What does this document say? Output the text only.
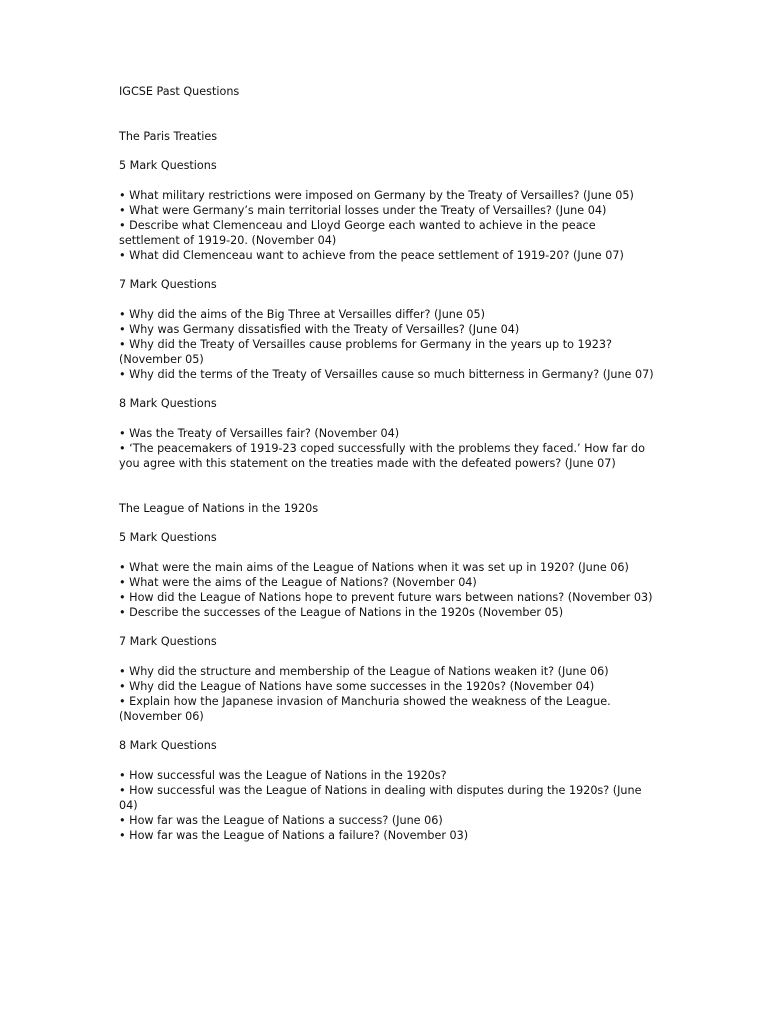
IGCSE Past Questions

The Paris Treaties

5 Mark Questions

• What military restrictions were imposed on Germany by the Treaty of Versailles? (June 05)
• What were Germany’s main territorial losses under the Treaty of Versailles? (June 04)
• Describe what Clemenceau and Lloyd George each wanted to achieve in the peace settlement of 1919-20. (November 04)
• What did Clemenceau want to achieve from the peace settlement of 1919-20? (June 07)

7 Mark Questions

• Why did the aims of the Big Three at Versailles differ? (June 05)
• Why was Germany dissatisfied with the Treaty of Versailles? (June 04)
• Why did the Treaty of Versailles cause problems for Germany in the years up to 1923? (November 05)
• Why did the terms of the Treaty of Versailles cause so much bitterness in Germany? (June 07)

8 Mark Questions

• Was the Treaty of Versailles fair? (November 04)
• ‘The peacemakers of 1919-23 coped successfully with the problems they faced.’ How far do you agree with this statement on the treaties made with the defeated powers? (June 07)

The League of Nations in the 1920s

5 Mark Questions

• What were the main aims of the League of Nations when it was set up in 1920? (June 06)
• What were the aims of the League of Nations? (November 04)
• How did the League of Nations hope to prevent future wars between nations? (November 03)
• Describe the successes of the League of Nations in the 1920s (November 05)

7 Mark Questions

• Why did the structure and membership of the League of Nations weaken it? (June 06)
• Why did the League of Nations have some successes in the 1920s? (November 04)
• Explain how the Japanese invasion of Manchuria showed the weakness of the League. (November 06)

8 Mark Questions

• How successful was the League of Nations in the 1920s?
• How successful was the League of Nations in dealing with disputes during the 1920s? (June 04)
• How far was the League of Nations a success? (June 06)
• How far was the League of Nations a failure? (November 03)
